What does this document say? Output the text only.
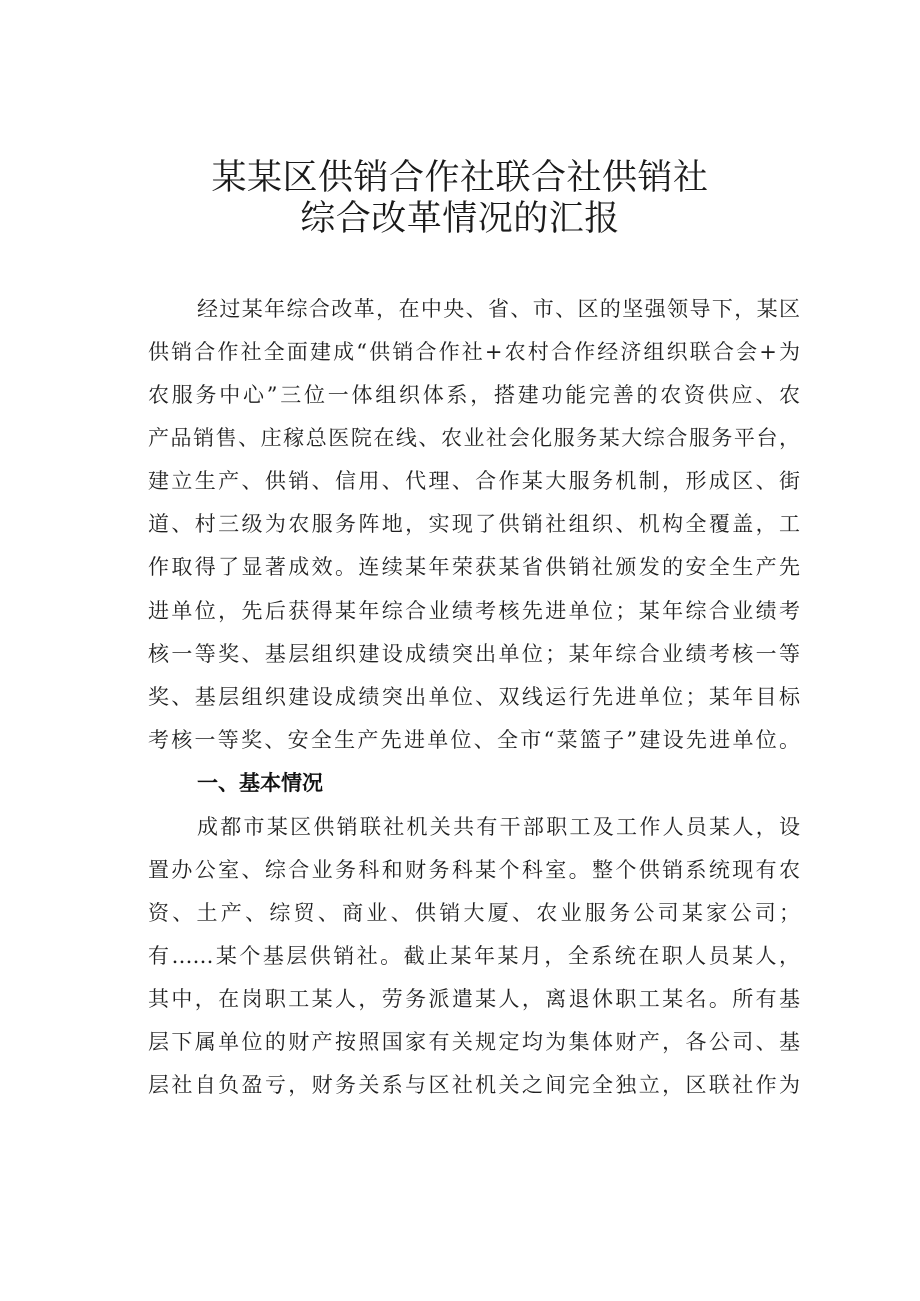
某某区供销合作社联合社供销社
综合改革情况的汇报
经过某年综合改革，在中央、省、市、区的坚强领导下，某区
供销合作社全面建成“供销合作社+农村合作经济组织联合会+为
农服务中心”三位一体组织体系，搭建功能完善的农资供应、农
产品销售、庄稼总医院在线、农业社会化服务某大综合服务平台，
建立生产、供销、信用、代理、合作某大服务机制，形成区、街
道、村三级为农服务阵地，实现了供销社组织、机构全覆盖，工
作取得了显著成效。连续某年荣获某省供销社颁发的安全生产先
进单位，先后获得某年综合业绩考核先进单位；某年综合业绩考
核一等奖、基层组织建设成绩突出单位；某年综合业绩考核一等
奖、基层组织建设成绩突出单位、双线运行先进单位；某年目标
考核一等奖、安全生产先进单位、全市“菜篮子”建设先进单位。
一、基本情况
成都市某区供销联社机关共有干部职工及工作人员某人，设
置办公室、综合业务科和财务科某个科室。整个供销系统现有农
资、土产、综贸、商业、供销大厦、农业服务公司某家公司；
有……某个基层供销社。截止某年某月，全系统在职人员某人，
其中，在岗职工某人，劳务派遣某人，离退休职工某名。所有基
层下属单位的财产按照国家有关规定均为集体财产，各公司、基
层社自负盈亏，财务关系与区社机关之间完全独立，区联社作为
